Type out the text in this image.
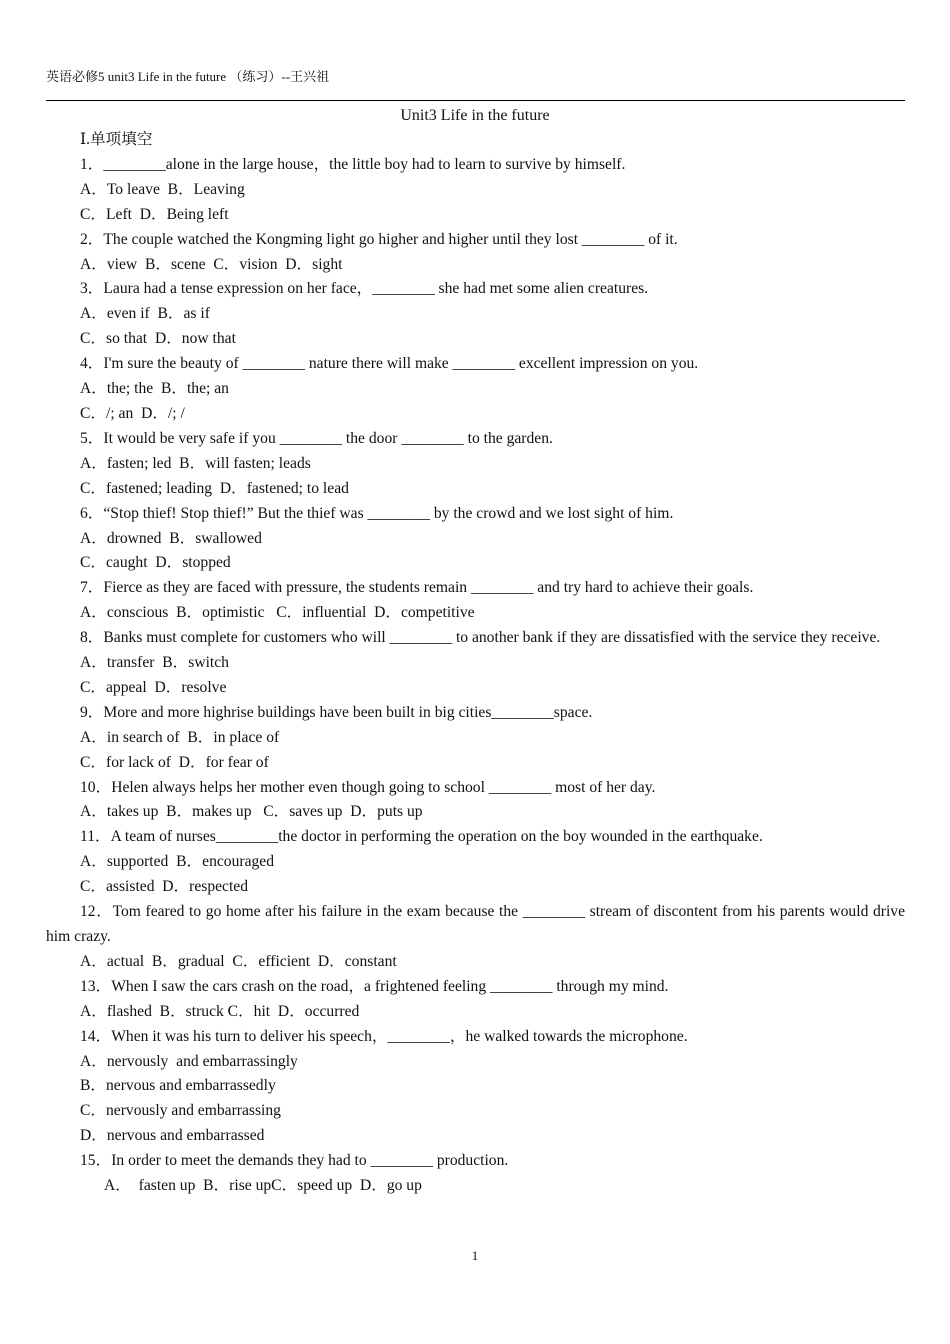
英语必修5 unit3 Life in the future （练习）--王兴祖
Unit3 Life in the future
Ⅰ.单项填空
1．________alone in the large house，the little boy had to learn to survive by himself.
A．To leave  B．Leaving
C．Left  D．Being left
2．The couple watched the Kongming light go higher and higher until they lost ________ of it.
A．view  B．scene  C．vision  D．sight
3．Laura had a tense expression on her face，________ she had met some alien creatures.
A．even if  B．as if
C．so that  D．now that
4．I'm sure the beauty of ________ nature there will make ________ excellent impression on you.
A．the; the  B．the; an
C．/; an  D．/; /
5．It would be very safe if you ________ the door ________ to the garden.
A．fasten; led  B．will fasten; leads
C．fastened; leading  D．fastened; to lead
6．“Stop thief! Stop thief!” But the thief was ________ by the crowd and we lost sight of him.
A．drowned  B．swallowed
C．caught  D．stopped
7．Fierce as they are faced with pressure, the students remain ________ and try hard to achieve their goals.
A．conscious  B．optimistic   C．influential  D．competitive
8．Banks must complete for customers who will ________ to another bank if they are dissatisfied with the service they receive.
A．transfer  B．switch
C．appeal  D．resolve
9．More and more highrise buildings have been built in big cities________space.
A．in search of  B．in place of
C．for lack of  D．for fear of
10．Helen always helps her mother even though going to school ________ most of her day.
A．takes up  B．makes up   C．saves up  D．puts up
11．A team of nurses________the doctor in performing the operation on the boy wounded in the earthquake.
A．supported  B．encouraged
C．assisted  D．respected
12．Tom feared to go home after his failure in the exam because the ________ stream of discontent from his parents would drive him crazy.
A．actual  B．gradual  C．efficient  D．constant
13．When I saw the cars crash on the road，a frightened feeling ________ through my mind.
A．flashed  B．struck C．hit  D．occurred
14．When it was his turn to deliver his speech，________，he walked towards the microphone.
A．nervously  and embarrassingly
B．nervous and embarrassedly
C．nervously and embarrassing
D．nervous and embarrassed
15．In order to meet the demands they had to ________ production.
A．  fasten up  B．rise upC．speed up  D．go up
1
